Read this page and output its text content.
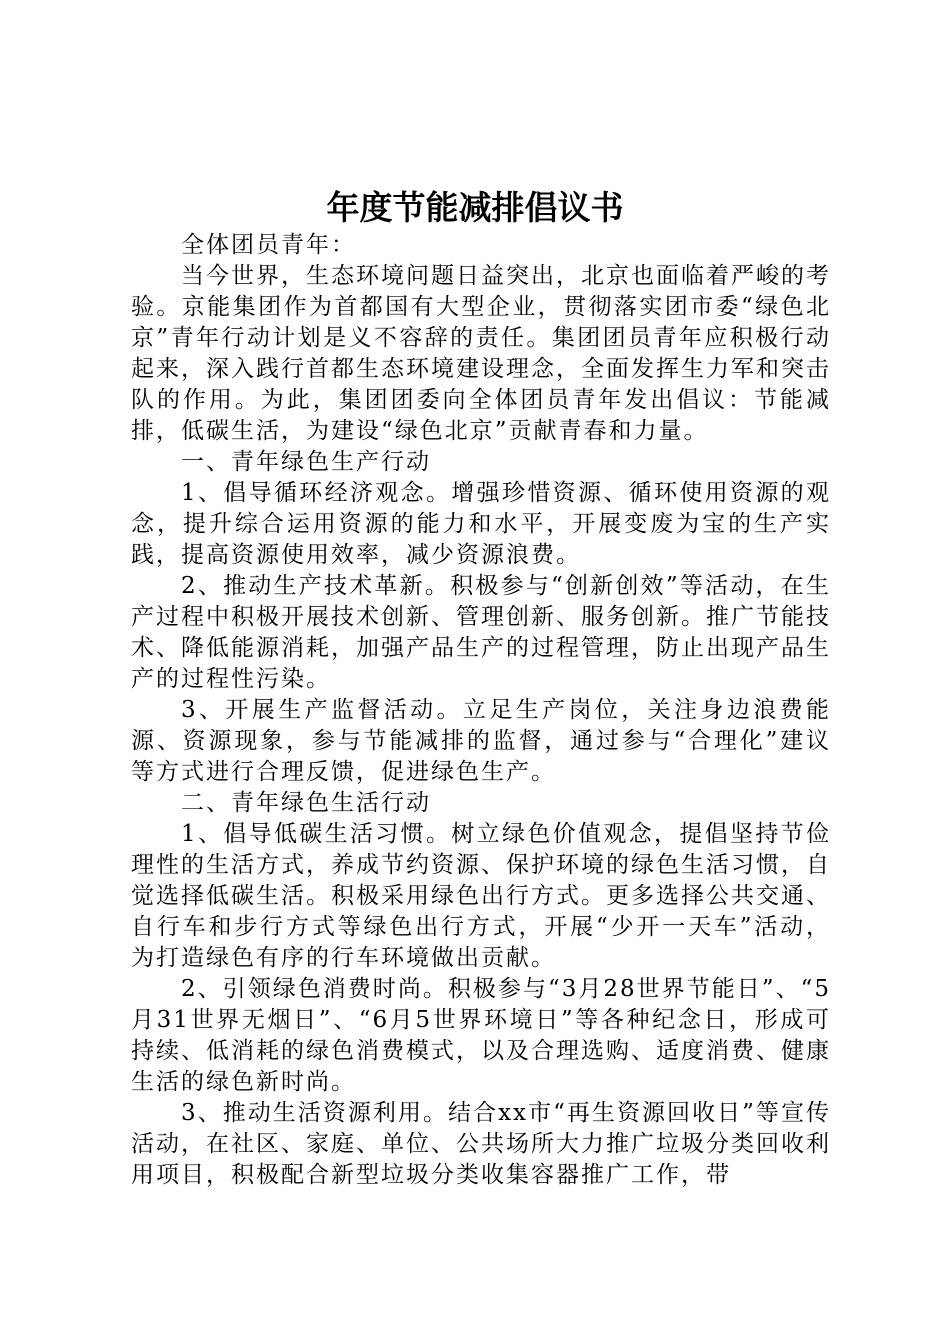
年度节能减排倡议书

全体团员青年：

当今世界，生态环境问题日益突出，北京也面临着严峻的考验。京能集团作为首都国有大型企业，贯彻落实团市委“绿色北京”青年行动计划是义不容辞的责任。集团团员青年应积极行动起来，深入践行首都生态环境建设理念，全面发挥生力军和突击队的作用。为此，集团团委向全体团员青年发出倡议：节能减排，低碳生活，为建设“绿色北京”贡献青春和力量。

一、青年绿色生产行动

1、倡导循环经济观念。增强珍惜资源、循环使用资源的观念，提升综合运用资源的能力和水平，开展变废为宝的生产实践，提高资源使用效率，减少资源浪费。

2、推动生产技术革新。积极参与“创新创效”等活动，在生产过程中积极开展技术创新、管理创新、服务创新。推广节能技术、降低能源消耗，加强产品生产的过程管理，防止出现产品生产的过程性污染。

3、开展生产监督活动。立足生产岗位，关注身边浪费能源、资源现象，参与节能减排的监督，通过参与“合理化”建议等方式进行合理反馈，促进绿色生产。

二、青年绿色生活行动

1、倡导低碳生活习惯。树立绿色价值观念，提倡坚持节俭理性的生活方式，养成节约资源、保护环境的绿色生活习惯，自觉选择低碳生活。积极采用绿色出行方式。更多选择公共交通、自行车和步行方式等绿色出行方式，开展“少开一天车”活动，为打造绿色有序的行车环境做出贡献。

2、引领绿色消费时尚。积极参与“3月28世界节能日”、“5月31世界无烟日”、“6月5世界环境日”等各种纪念日，形成可持续、低消耗的绿色消费模式，以及合理选购、适度消费、健康生活的绿色新时尚。

3、推动生活资源利用。结合xx市“再生资源回收日”等宣传活动，在社区、家庭、单位、公共场所大力推广垃圾分类回收利用项目，积极配合新型垃圾分类收集容器推广工作，带
